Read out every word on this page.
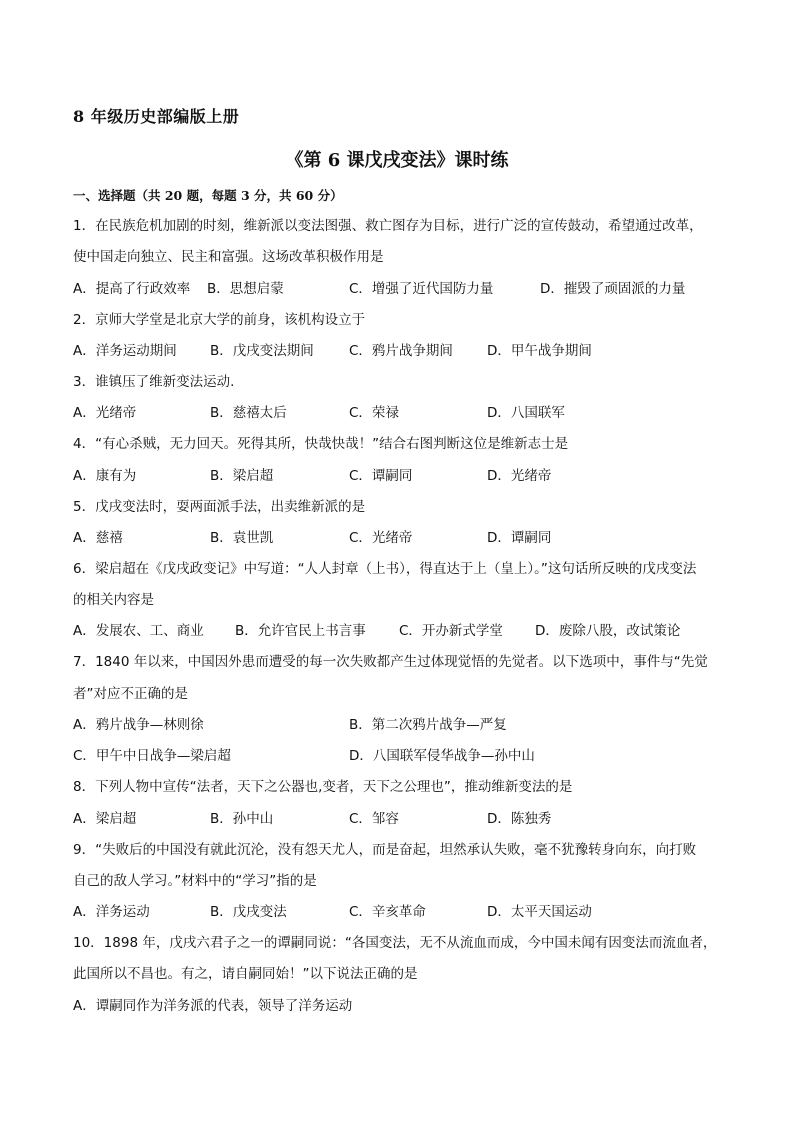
8 年级历史部编版上册
《第 6 课戊戌变法》课时练
一、选择题（共 20 题，每题 3 分，共 60 分）
1．在民族危机加剧的时刻，维新派以变法图强、救亡图存为目标，进行广泛的宣传鼓动，希望通过改革，
使中国走向独立、民主和富强。这场改革积极作用是
A．提高了行政效率 B．思想启蒙	C．增强了近代国防力量	D．摧毁了顽固派的力量
2．京师大学堂是北京大学的前身，该机构设立于
A．洋务运动期间 B．戊戌变法期间	C．鸦片战争期间	D．甲午战争期间
3．谁镇压了维新变法运动.
A．光绪帝	B．慈禧太后	C．荣禄	D．八国联军
4．“有心杀贼，无力回天。死得其所，快哉快哉！”结合右图判断这位是维新志士是
A．康有为	B．梁启超	C．谭嗣同	D．光绪帝
5．戊戌变法时，耍两面派手法，出卖维新派的是
A．慈禧	B．袁世凯	C．光绪帝	D．谭嗣同
6．梁启超在《戊戌政变记》中写道：“人人封章（上书），得直达于上（皇上）。”这句话所反映的戊戌变法
的相关内容是
A．发展农、工、商业 B．允许官民上书言事 C．开办新式学堂 D．废除八股，改试策论
7．1840 年以来，中国因外患而遭受的每一次失败都产生过体现觉悟的先觉者。以下选项中，事件与“先觉
者”对应不正确的是
A．鸦片战争—林则徐	B．第二次鸦片战争—严复
C．甲午中日战争—梁启超	D．八国联军侵华战争—孙中山
8．下列人物中宣传“法者，天下之公器也,变者，天下之公理也”，推动维新变法的是
A．梁启超	B．孙中山	C．邹容	D．陈独秀
9．“失败后的中国没有就此沉沦，没有怨天尤人，而是奋起，坦然承认失败，毫不犹豫转身向东，向打败
自己的敌人学习。”材料中的“学习”指的是
A．洋务运动	B．戊戌变法	C．辛亥革命	D．太平天国运动
10．1898 年，戊戌六君子之一的谭嗣同说：“各国变法，无不从流血而成，今中国未闻有因变法而流血者，
此国所以不昌也。有之，请自嗣同始！”以下说法正确的是
A．谭嗣同作为洋务派的代表，领导了洋务运动
